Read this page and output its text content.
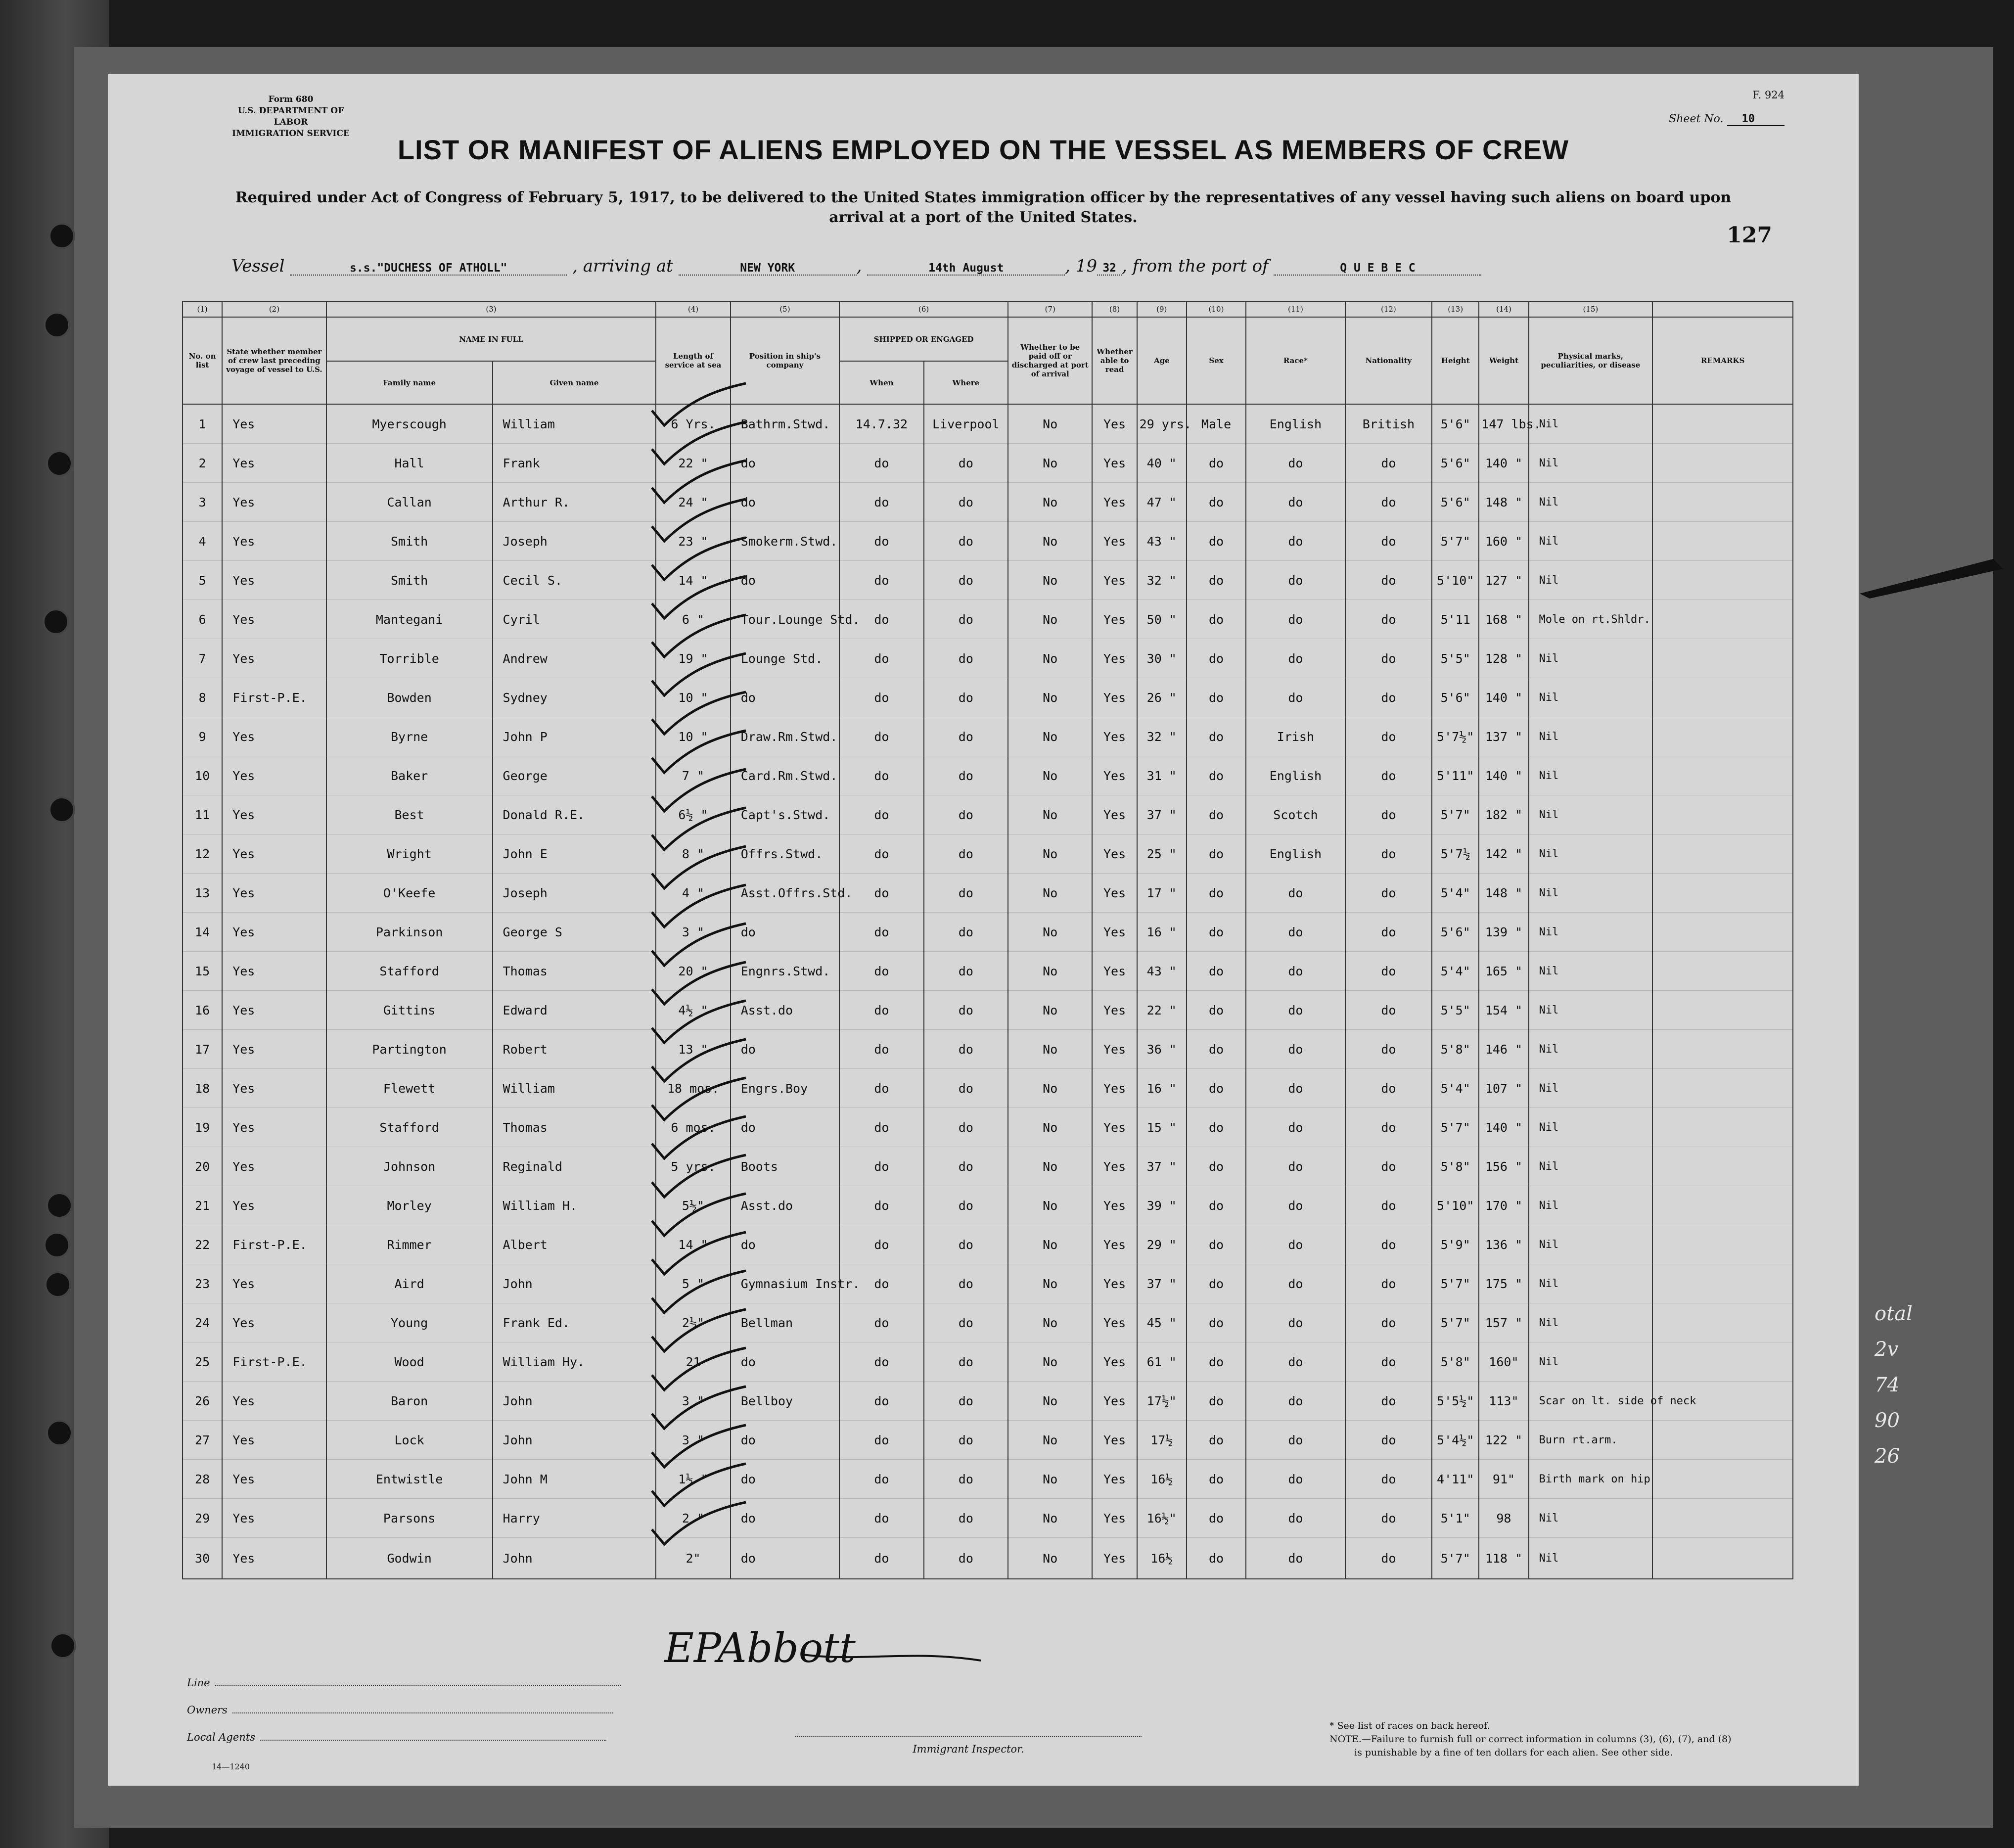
Form 680
U.S. DEPARTMENT OF LABOR
IMMIGRATION SERVICE
F. 924
Sheet No. 10
LIST OR MANIFEST OF ALIENS EMPLOYED ON THE VESSEL AS MEMBERS OF CREW
Required under Act of Congress of February 5, 1917, to be delivered to the United States immigration officer by the representatives of any vessel having such aliens on board upon
arrival at a port of the United States.
127
Vessel	s.s."DUCHESS OF ATHOLL"	, arriving at	NEW YORK	,	14th August	, 19 32 , from the port of	Q U E B E C
(1)	(2)	(3)		(4)	(5)	(6)		(7)	(8)	(9)	(10)	(11)	(12)	(13)	(14)	(15)	
No. on list	State whether member of crew last preceding voyage of vessel to U.S.	NAME IN FULL		Length of service at sea	Position in ship's company	SHIPPED OR ENGAGED		Whether to be paid off or discharged at port of arrival	Whether able to read	Age	Sex	Race*	Nationality	Height	Weight	Physical marks, peculiarities, or disease	REMARKS
		Family name	Given name			When	Where										
1	Yes	Myerscough	William	6 Yrs.	Bathrm.Stwd.	14.7.32	Liverpool	No	Yes	29 yrs.	Male	English	British	5'6"	147 lbs.	Nil	
2	Yes	Hall	Frank	22 "	do	do	do	No	Yes	40 "	do	do	do	5'6"	140 "	Nil	
3	Yes	Callan	Arthur R.	24 "	do	do	do	No	Yes	47 "	do	do	do	5'6"	148 "	Nil	
4	Yes	Smith	Joseph	23 "	Smokerm.Stwd.	do	do	No	Yes	43 "	do	do	do	5'7"	160 "	Nil	
5	Yes	Smith	Cecil S.	14 "	do	do	do	No	Yes	32 "	do	do	do	5'10"	127 "	Nil	
6	Yes	Mantegani	Cyril	6 "	Tour.Lounge Std.	do	do	No	Yes	50 "	do	do	do	5'11	168 "	Mole on rt.Shldr.	
7	Yes	Torrible	Andrew	19 "	Lounge Std.	do	do	No	Yes	30 "	do	do	do	5'5"	128 "	Nil	
8	First-P.E.	Bowden	Sydney	10 "	do	do	do	No	Yes	26 "	do	do	do	5'6"	140 "	Nil	
9	Yes	Byrne	John P	10 "	Draw.Rm.Stwd.	do	do	No	Yes	32 "	do	Irish	do	5'7½"	137 "	Nil	
10	Yes	Baker	George	7 "	Card.Rm.Stwd.	do	do	No	Yes	31 "	do	English	do	5'11"	140 "	Nil	
11	Yes	Best	Donald R.E.	6½ "	Capt's.Stwd.	do	do	No	Yes	37 "	do	Scotch	do	5'7"	182 "	Nil	
12	Yes	Wright	John E	8 "	Offrs.Stwd.	do	do	No	Yes	25 "	do	English	do	5'7½	142 "	Nil	
13	Yes	O'Keefe	Joseph	4 "	Asst.Offrs.Std.	do	do	No	Yes	17 "	do	do	do	5'4"	148 "	Nil	
14	Yes	Parkinson	George S	3 "	do	do	do	No	Yes	16 "	do	do	do	5'6"	139 "	Nil	
15	Yes	Stafford	Thomas	20 "	Engnrs.Stwd.	do	do	No	Yes	43 "	do	do	do	5'4"	165 "	Nil	
16	Yes	Gittins	Edward	4½ "	Asst.do	do	do	No	Yes	22 "	do	do	do	5'5"	154 "	Nil	
17	Yes	Partington	Robert	13 "	do	do	do	No	Yes	36 "	do	do	do	5'8"	146 "	Nil	
18	Yes	Flewett	William	18 mos.	Engrs.Boy	do	do	No	Yes	16 "	do	do	do	5'4"	107 "	Nil	
19	Yes	Stafford	Thomas	6 mos.	do	do	do	No	Yes	15 "	do	do	do	5'7"	140 "	Nil	
20	Yes	Johnson	Reginald	5 yrs.	Boots	do	do	No	Yes	37 "	do	do	do	5'8"	156 "	Nil	
21	Yes	Morley	William H.	5½"	Asst.do	do	do	No	Yes	39 "	do	do	do	5'10"	170 "	Nil	
22	First-P.E.	Rimmer	Albert	14 "	do	do	do	No	Yes	29 "	do	do	do	5'9"	136 "	Nil	
23	Yes	Aird	John	5 "	Gymnasium Instr.	do	do	No	Yes	37 "	do	do	do	5'7"	175 "	Nil	
24	Yes	Young	Frank Ed.	2½"	Bellman	do	do	No	Yes	45 "	do	do	do	5'7"	157 "	Nil	
25	First-P.E.	Wood	William Hy.	21	do	do	do	No	Yes	61 "	do	do	do	5'8"	160"	Nil	
26	Yes	Baron	John	3 "	Bellboy	do	do	No	Yes	17½"	do	do	do	5'5½"	113"	Scar on lt. side of neck	
27	Yes	Lock	John	3 "	do	do	do	No	Yes	17½	do	do	do	5'4½"	122 "	Burn rt.arm.	
28	Yes	Entwistle	John M	1½ "	do	do	do	No	Yes	16½	do	do	do	4'11"	91"	Birth mark on hip	
29	Yes	Parsons	Harry	2 "	do	do	do	No	Yes	16½"	do	do	do	5'1"	98	Nil	
30	Yes	Godwin	John	2"	do	do	do	No	Yes	16½	do	do	do	5'7"	118 "	Nil	
Line
Owners
Local Agents
14—1240
Immigrant Inspector.
* See list of races on back hereof.
NOTE.—Failure to furnish full or correct information in columns (3), (6), (7), and (8)
is punishable by a fine of ten dollars for each alien. See other side.
EPAbbott
otal
2v
74
90
26
